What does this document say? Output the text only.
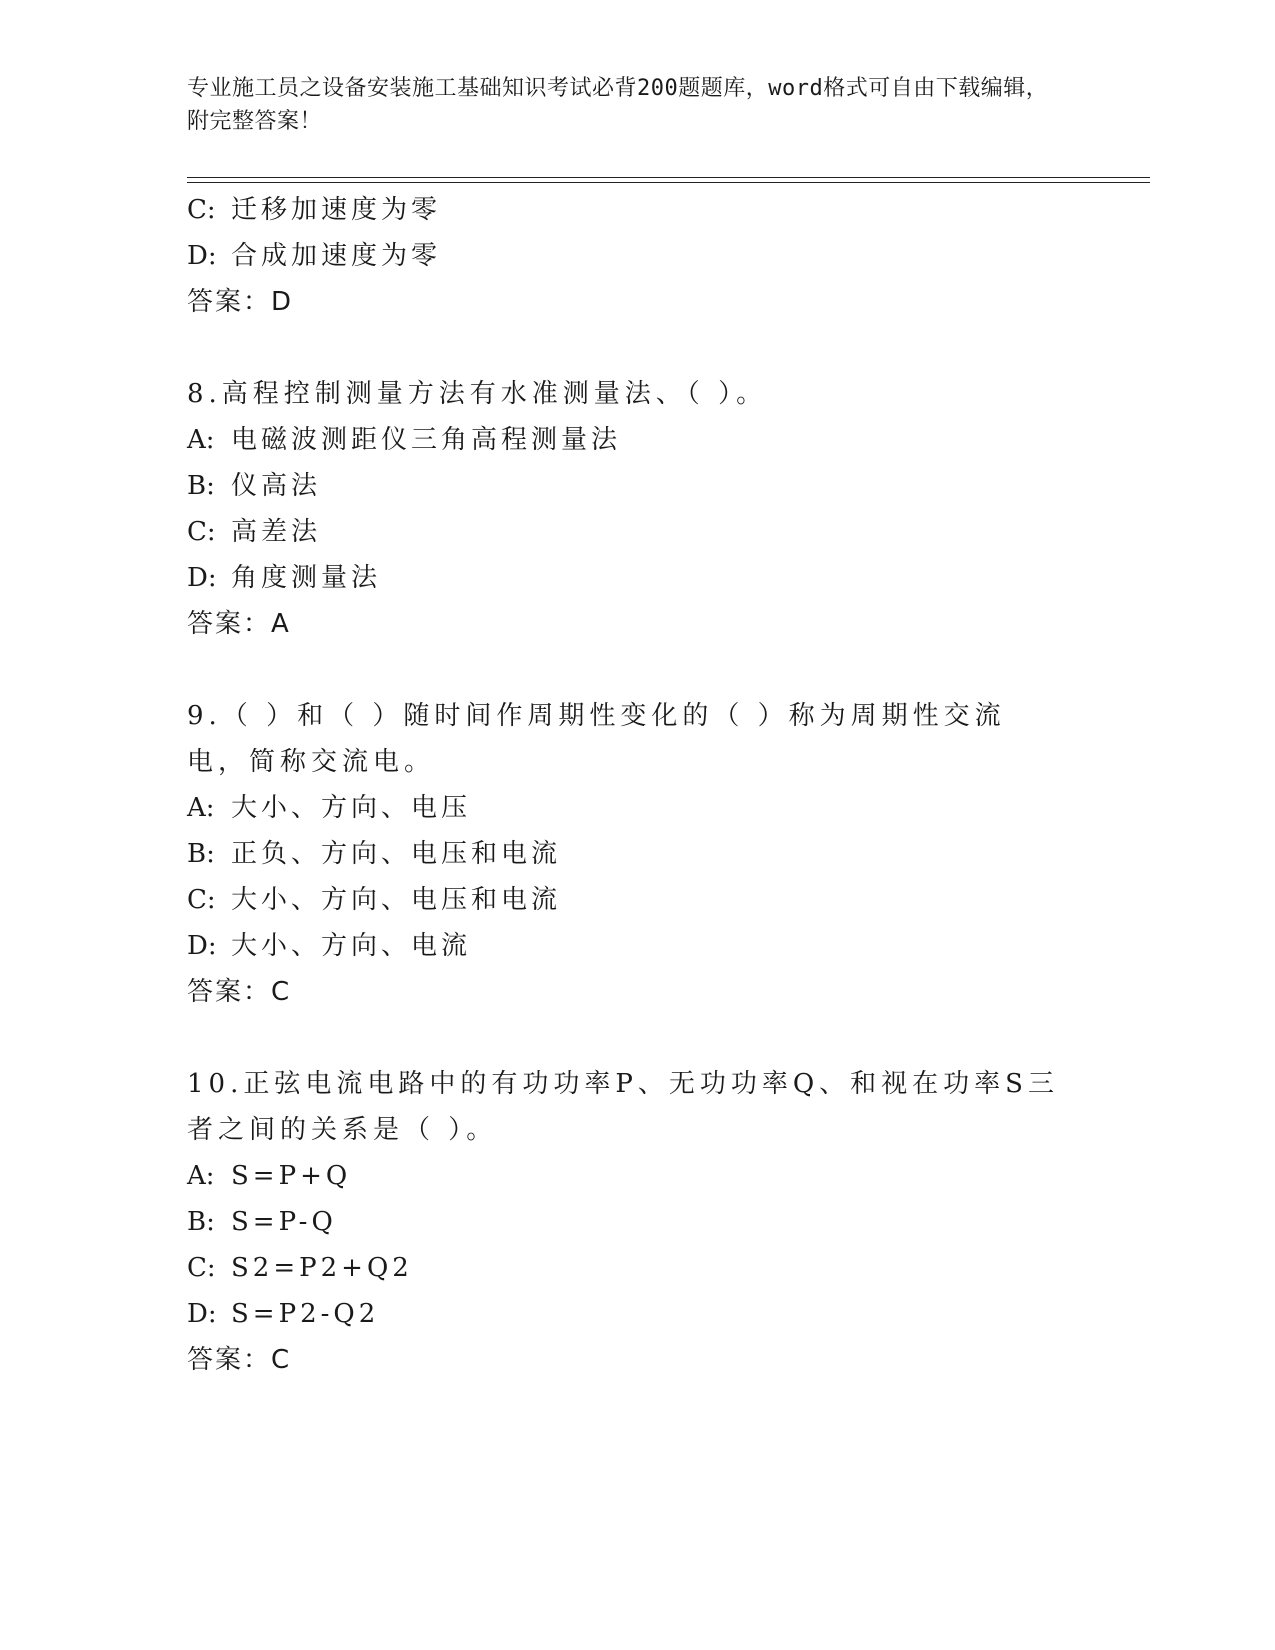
专业施工员之设备安装施工基础知识考试必背200题题库，word格式可自由下载编辑，附完整答案！
C: 迁移加速度为零
D: 合成加速度为零
答案：D
8.高程控制测量方法有水准测量法、（ ）。
A: 电磁波测距仪三角高程测量法
B: 仪高法
C: 高差法
D: 角度测量法
答案：A
9.（ ）和（ ）随时间作周期性变化的（ ）称为周期性交流电，简称交流电。
A: 大小、方向、电压
B: 正负、方向、电压和电流
C: 大小、方向、电压和电流
D: 大小、方向、电流
答案：C
10.正弦电流电路中的有功功率P、无功功率Q、和视在功率S三者之间的关系是（ ）。
A: S=P+Q
B: S=P-Q
C: S2=P2+Q2
D: S=P2-Q2
答案：C
